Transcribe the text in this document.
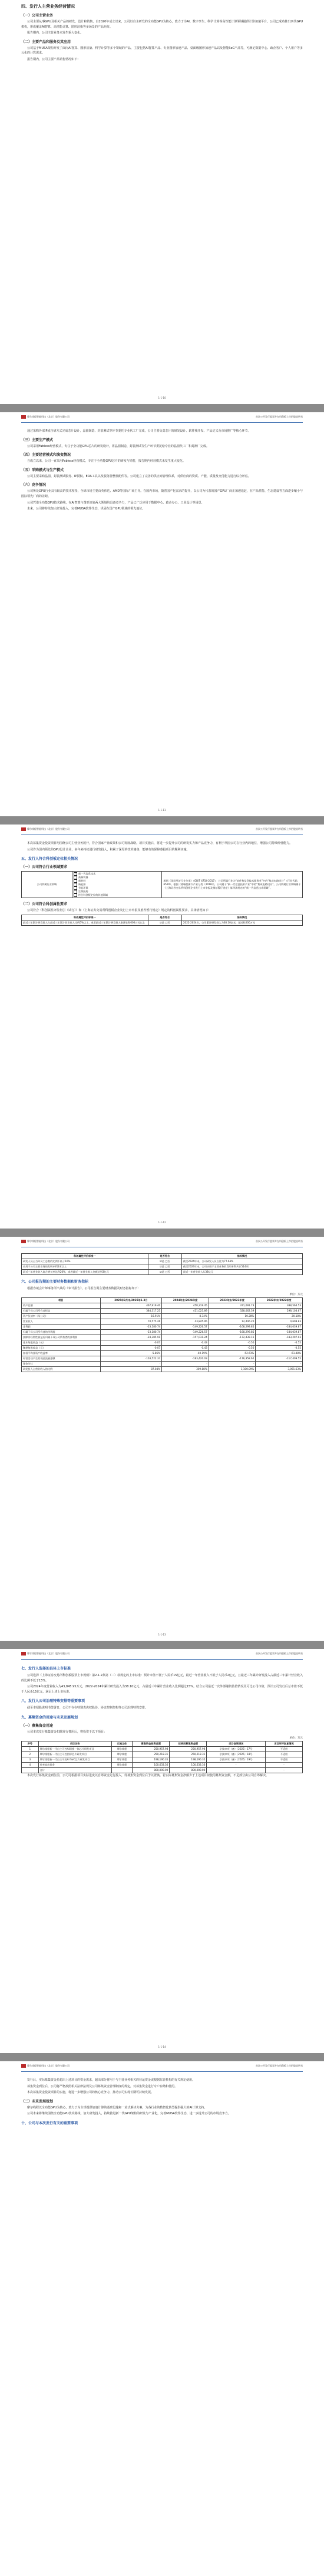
四、发行人主营业务经营情况
（一）公司主营业务

公司主要从事GPU及相关产品的研发、设计和销售。自2020年成立以来，公司以自主研发的全功能GPU为核心，致力于为AI、数字孪生、科学计算等高性能计算领域提供计算加速平台。公司已成功推出四代GPU架构，形成覆盖AI智算、高性能计算、图形渲染等多场景的产品矩阵。

报告期内，公司主营业务未发生重大变化。

（二）主要产品和服务及其应用

公司基于MUSA架构开发了面向AI智算、图形渲染、科学计算等多个领域的产品，主要包括AI智算产品、专业图形加速产品、桌面级图形加速产品以及智能SoC产品等，可满足数据中心、政企客户、个人用户等多元化的计算需求。

报告期内，公司主要产品销售情况如下：

1-1-10
摩尔线程智能科技（北京）股份有限公司	首次公开发行股票并在科创板上市招股说明书

通过采购外部IP或自研方式完成芯片设计，晶圆制造、封装测试等环节委托专业代工厂完成，公司主要负责芯片的研发设计、软件栈开发、产品定义及市场推广等核心环节。

（三）主要生产模式

公司采用Fabless经营模式，专注于全功能GPU芯片的研发设计，将晶圆制造、封装测试等生产环节委托给专业的晶圆代工厂和封测厂完成。

（四）主要经营模式和演变情况

自成立以来，公司一直采用Fabless经营模式，专注于全功能GPU芯片的研发与销售，报告期内经营模式未发生重大变化。

（五）采购模式与生产模式

公司主要采购晶圆、封装测试服务、IP授权、EDA工具以及服务器整机配件等。公司建立了完善的供应商管理体系，对供应商的资质、产能、质量及交付能力进行综合评估。

（六）竞争情况

公司所处GPU行业具有较高的技术壁垒，全球市场主要由英伟达、AMD等国际厂商主导。在国内市场，随着国产化需求的提升，以公司为代表的国产GPU厂商正加速追赶，在产品性能、生态建设等方面逐步缩小与国际领先厂商的差距。

公司凭借全功能GPU技术路线，在AI智算与图形渲染两大领域均具备竞争力，产品已广泛应用于数据中心、政企办公、工业设计等场景。

未来，公司将持续加大研发投入，完善MUSA软件生态，巩固在国产GPU领域的领先地位。

1-1-11
摩尔线程智能科技（北京）股份有限公司	首次公开发行股票并在科创板上市招股说明书

本次募集资金投资项目均围绕公司主营业务展开，符合国家产业政策和公司发展战略。项目实施后，将进一步提升公司的研发实力和产品竞争力，有利于巩固公司在行业内的地位，增强公司持续经营能力。

公司作为国内领先的GPU设计企业，多年来持续进行研发投入，积累了深厚的技术储备，能够有效保障募投项目的顺利实施。

五、发行人符合科创板定位相关情况
（一）公司符合行业领域要求
公司所属行业领域	
✓ 新一代信息技术
高端装备
新材料
新能源
节能环保
生物医药
符合科创板定位的其他领域
	根据《国民经济行业分类》（GB/T 4754-2017），公司所属行业为“软件和信息技术服务业”中的“集成电路设计”（行业代码：6520）。根据《战略性新兴产业分类（2018）》，公司属于“新一代信息技术产业”中的“集成电路设计”。公司所属行业领域属于《上海证券交易所科创板企业发行上市申报及推荐暂行规定》第四条规定的“新一代信息技术领域”。
（二）公司符合科创属性要求

公司符合《科创属性评价指引（试行）》和《上海证券交易所科创板企业发行上市申报及推荐暂行规定》规定的科创属性要求，具体情况如下：

科创属性评价标准一	是否符合	指标情况
最近三年累计研发投入占最近三年累计营业收入比例5%以上，或者最近三年累计研发投入金额在8,000万元以上	☑是 □否	2022-2024年，公司累计研发投入为38.10亿元，超过8,000万元
1-1-12
摩尔线程智能科技（北京）股份有限公司	首次公开发行股票并在科创板上市招股说明书
科创属性评价标准一	是否符合	指标情况
研发人员占当年员工总数的比例不低于10%	☑是 □否	截至2024年末，公司研发人员占比为77.63%
应用于公司主营业务的发明专利5项以上	☑是 □否	截至2024年末，公司应用于主营业务的发明专利共计514项
最近三年营业收入复合增长率达到20%，或者最近一年营业收入金额达到3亿元	☑是 □否	最近一年营业收入4.38亿元
六、公司报告期的主要财务数据和财务指标

根据容诚会计师事务所出具的《审计报告》，公司报告期主要财务数据及财务指标如下：

单位：万元
项目	2025年3月末/2025年1-3月	2024年末/2024年度	2023年末/2023年度	2022年末/2022年度
资产总额	467,919.40	450,319.45	371,091.73	388,564.53
归属于母公司所有者权益	384,317.25	411,025.89	328,062.39	298,103.67
资产负债率（母公司）	16.91%	8.34%	10.28%	20.18%
营业收入	70,575.26	43,845.95	12,446.20	4,608.83
净利润	-23,180.74	-149,226.57	-168,299.85	-184,039.87
归属于母公司所有者的净利润	-23,180.74	-149,226.57	-168,299.85	-184,039.87
扣除非经常性损益后归属于母公司所有者的净利润	-24,385.91	-157,031.24	-172,439.16	-183,297.03
基本每股收益（元）	-0.07	-0.43	-0.50	-0.55
稀释每股收益（元）	-0.07	-0.43	-0.50	-0.55
加权平均净资产收益率	-5.86%	-40.19%	-52.61%	-61.48%
经营活动产生的现金流量净额	-103,522.37	-183,420.03	-116,358.62	-117,409.55
现金分红	-	-	-	-
研发投入占营业收入的比例	87.04%	309.88%	1,100.09%	3,091.63%
1-1-13
摩尔线程智能科技（北京）股份有限公司	首次公开发行股票并在科创板上市招股说明书
七、发行人选择的具体上市标准

公司选择《上海证券交易所科创板股票上市规则》第2.1.2条第（二）款规定的上市标准：预计市值不低于人民币15亿元，最近一年营业收入不低于人民币2亿元，且最近三年累计研发投入占最近三年累计营业收入的比例不低于15%。

公司2024年度营业收入为43,845.95万元，2022-2024年累计研发投入为38.10亿元，占最近三年累计营业收入比例超过15%。结合公司最近一次外部融资估值情况及可比公司市值，预计公司发行后总市值不低于人民币15亿元，满足上述上市标准。

八、发行人公司治理特殊安排等重要事项

截至本招股说明书签署日，公司不存在特别表决权股份、协议控制架构等公司治理特殊安排。

九、募集资金的用途与未来发展规划
（一）募集资金用途

公司本次发行募集资金扣除发行费用后，将投资于以下项目：

单位：万元
序号	项目名称	实施主体	募集资金投资总额	拟使用募集资金额	项目备案情况	项目环评批复情况
1	摩尔线程新一代自主可控AI训推一体芯片研发项目	摩尔线程	250,957.98	250,957.98	京技审项（备）〔2025〕17号	不适用
2	摩尔线程新一代自主可控图形芯片研发项目	摩尔线程	250,218.31	250,218.31	京技审项（备）〔2025〕18号	不适用
3	摩尔线程新一代自主可控AI SoC芯片研发项目	摩尔线程	198,190.35	198,190.35	京技审项（备）〔2025〕19号	不适用
4	补充流动资金	摩尔线程	100,633.36	100,633.36	-	-
	合计		800,000.00	800,000.00	-	-

本次发行募集资金到位前，公司可根据项目实际进度以自筹资金先行投入，待募集资金到位后予以置换。若实际募集资金净额少于上述项目拟使用募集资金额，不足部分由公司自筹解决。

1-1-14
摩尔线程智能科技（北京）股份有限公司	首次公开发行股票并在科创板上市招股说明书

发行后，实际募集资金若超出上述项目的资金需求，超出部分将用于与主营业务相关的营运资金或根据监管机构的有关规定使用。

募集资金到位后，公司将严格按照相关法律法规及公司募集资金管理制度的规定，对募集资金进行专户存储和使用。

本次募集资金投资项目的实施，将进一步增强公司的核心竞争力，推动公司实现长期可持续发展。

（二）未来发展规划

摩尔线程以全功能GPU为核心，致力于为全球提供加速计算的基础设施和一站式解决方案，为各行业的数智化转型提供强大的AI计算支持。

公司未来将继续围绕全功能GPU技术路线，加大研发投入，持续推进新一代GPU架构的研发与产业化，完善MUSA软件生态，进一步提升公司的市场竞争力。

十、公司与本次发行有关的重要事项
